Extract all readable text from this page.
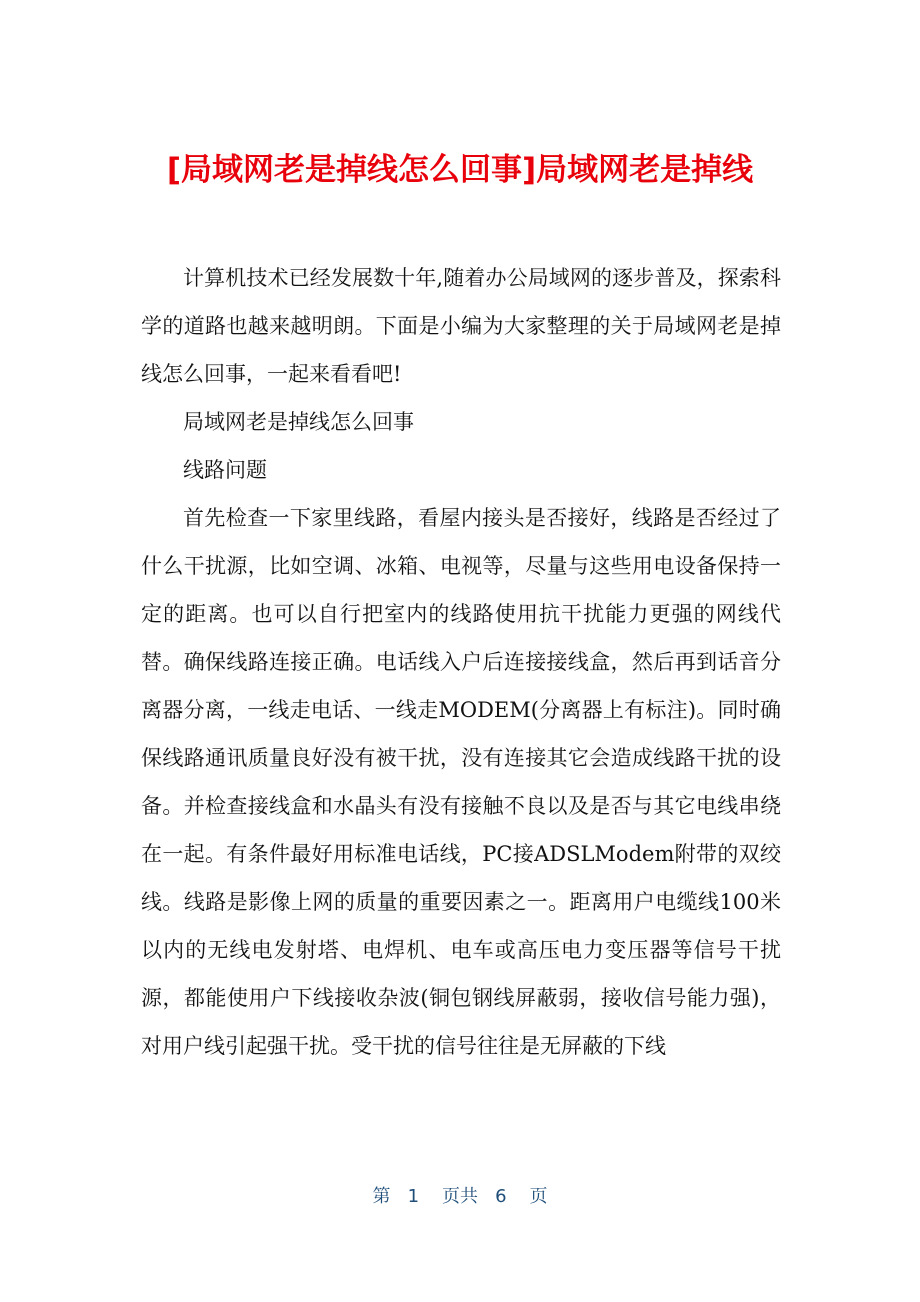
[局域网老是掉线怎么回事]局域网老是掉线

计算机技术已经发展数十年,随着办公局域网的逐步普及，探索科学的道路也越来越明朗。下面是小编为大家整理的关于局域网老是掉线怎么回事，一起来看看吧!

局域网老是掉线怎么回事

线路问题

首先检查一下家里线路，看屋内接头是否接好，线路是否经过了什么干扰源，比如空调、冰箱、电视等，尽量与这些用电设备保持一定的距离。也可以自行把室内的线路使用抗干扰能力更强的网线代替。确保线路连接正确。电话线入户后连接接线盒，然后再到话音分离器分离，一线走电话、一线走MODEM(分离器上有标注)。同时确保线路通讯质量良好没有被干扰，没有连接其它会造成线路干扰的设备。并检查接线盒和水晶头有没有接触不良以及是否与其它电线串绕在一起。有条件最好用标准电话线，PC接ADSLModem附带的双绞线。线路是影像上网的质量的重要因素之一。距离用户电缆线100米以内的无线电发射塔、电焊机、电车或高压电力变压器等信号干扰源，都能使用户下线接收杂波(铜包钢线屏蔽弱，接收信号能力强)，对用户线引起强干扰。受干扰的信号往往是无屏蔽的下线

第 1 页共 6 页
